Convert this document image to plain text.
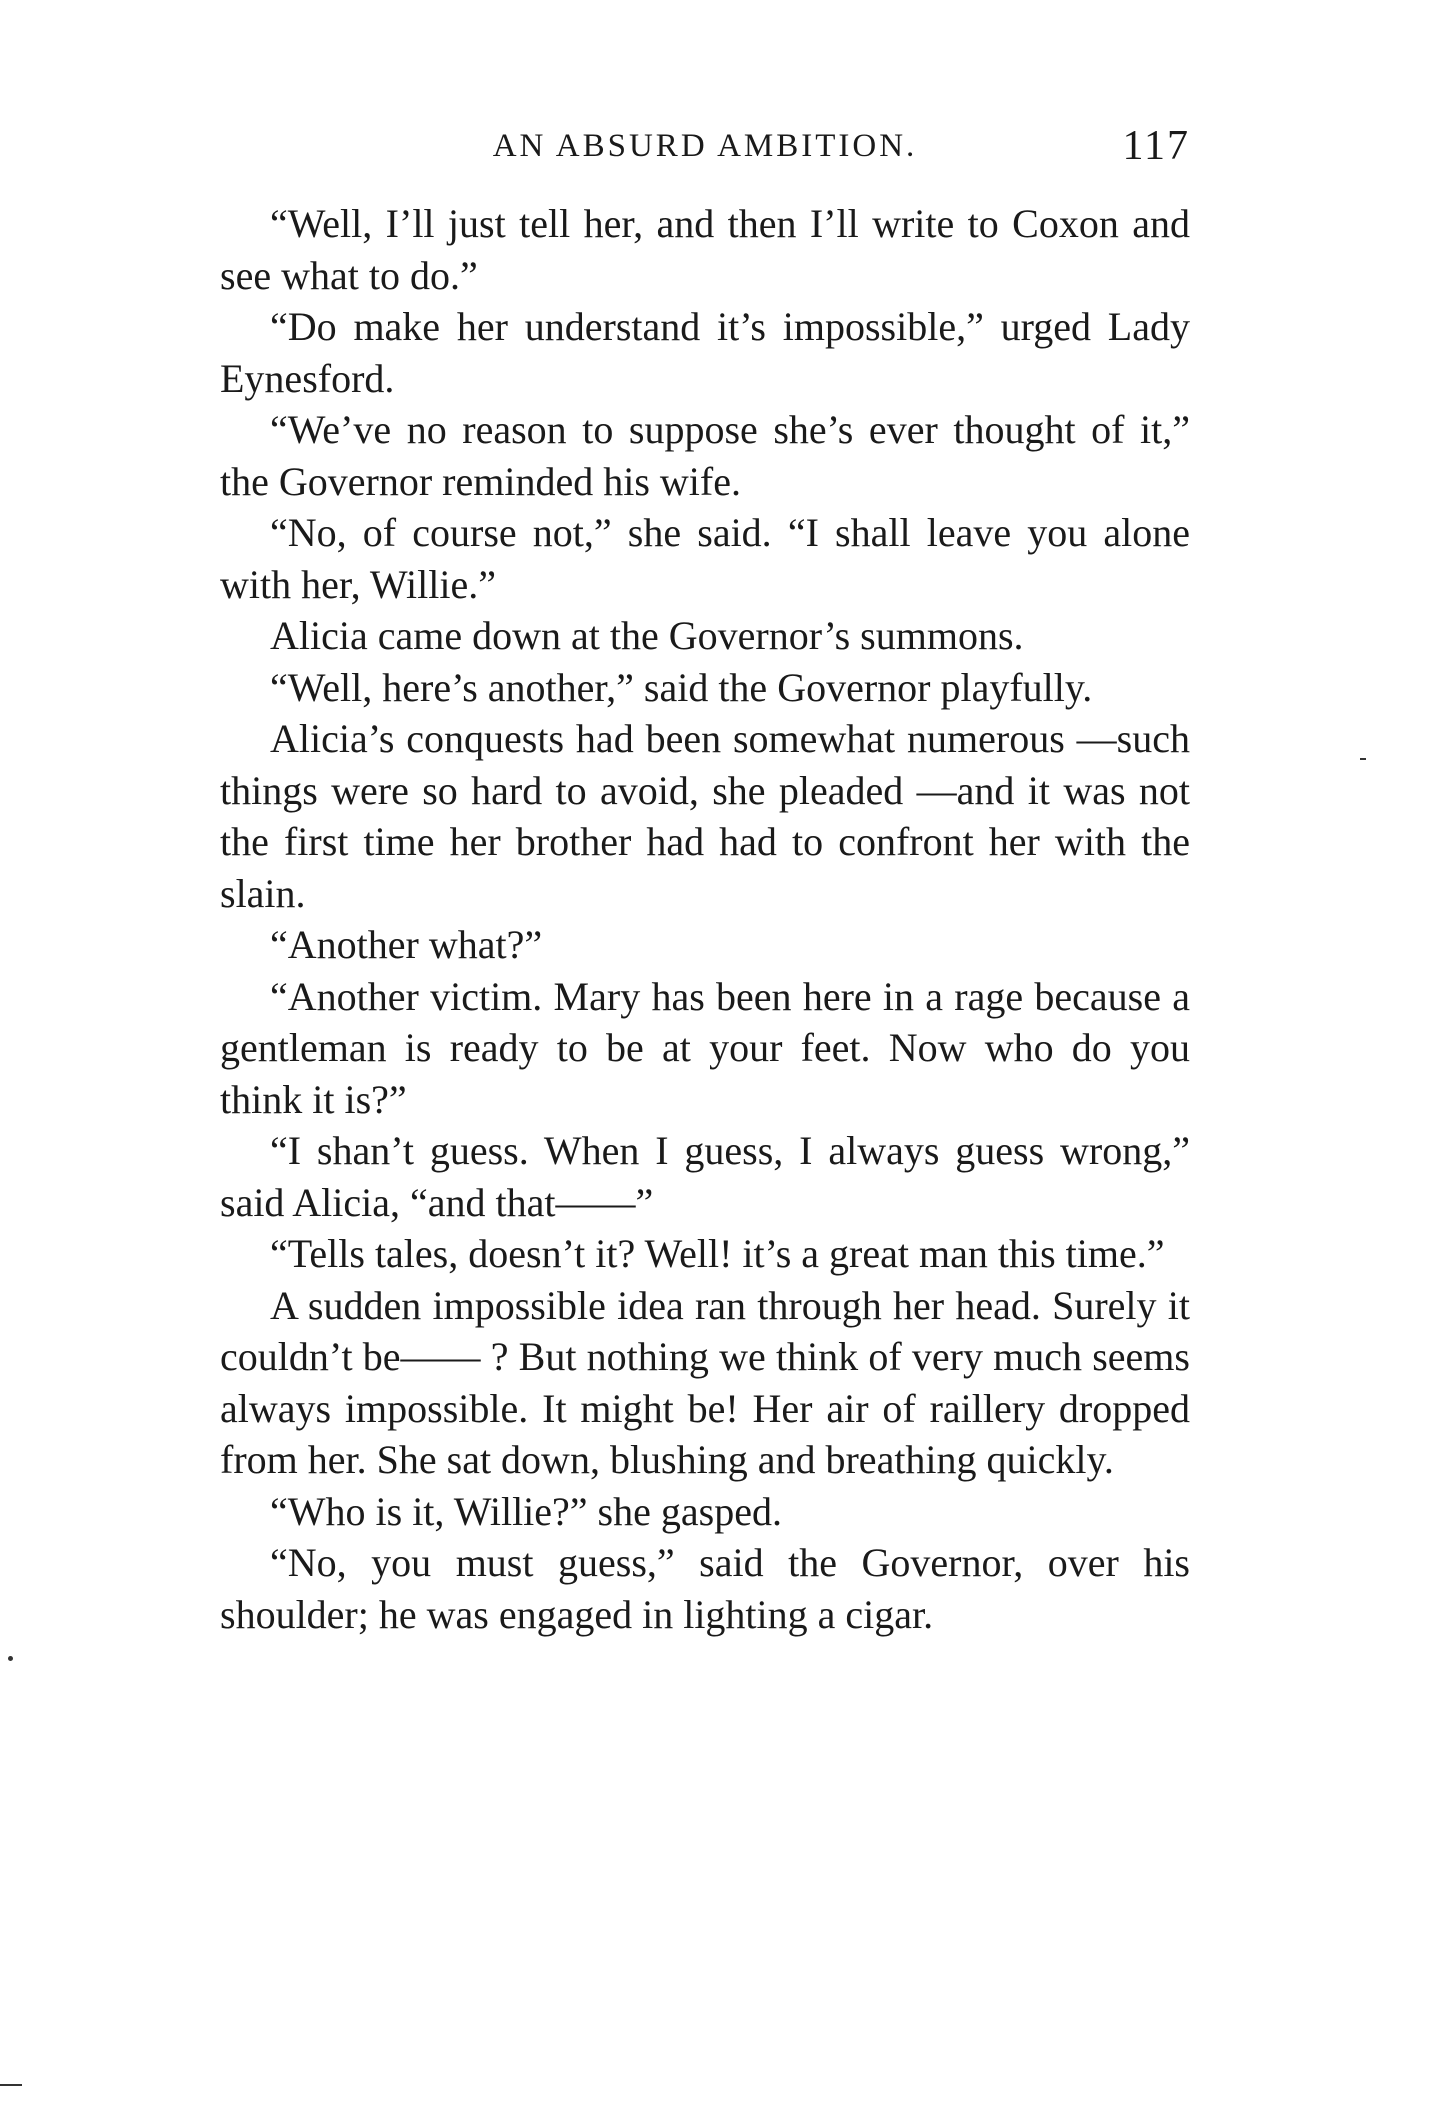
AN ABSURD AMBITION.	117

“Well, I’ll just tell her, and then I’ll write to Coxon and see what to do.”

“Do make her understand it’s impossible,” urged Lady Eynesford.

“We’ve no reason to suppose she’s ever thought of it,” the Governor reminded his wife.

“No, of course not,” she said. “I shall leave you alone with her, Willie.”

Alicia came down at the Governor’s summons.

“Well, here’s another,” said the Governor playfully.

Alicia’s conquests had been somewhat numerous —such things were so hard to avoid, she pleaded —and it was not the first time her brother had had to confront her with the slain.

“Another what?”

“Another victim. Mary has been here in a rage because a gentleman is ready to be at your feet. Now who do you think it is?”

“I shan’t guess. When I guess, I always guess wrong,” said Alicia, “and that——”

“Tells tales, doesn’t it? Well! it’s a great man this time.”

A sudden impossible idea ran through her head. Surely it couldn’t be—— ? But nothing we think of very much seems always impossible. It might be! Her air of raillery dropped from her. She sat down, blushing and breathing quickly.

“Who is it, Willie?” she gasped.

“No, you must guess,” said the Governor, over his shoulder; he was engaged in lighting a cigar.
